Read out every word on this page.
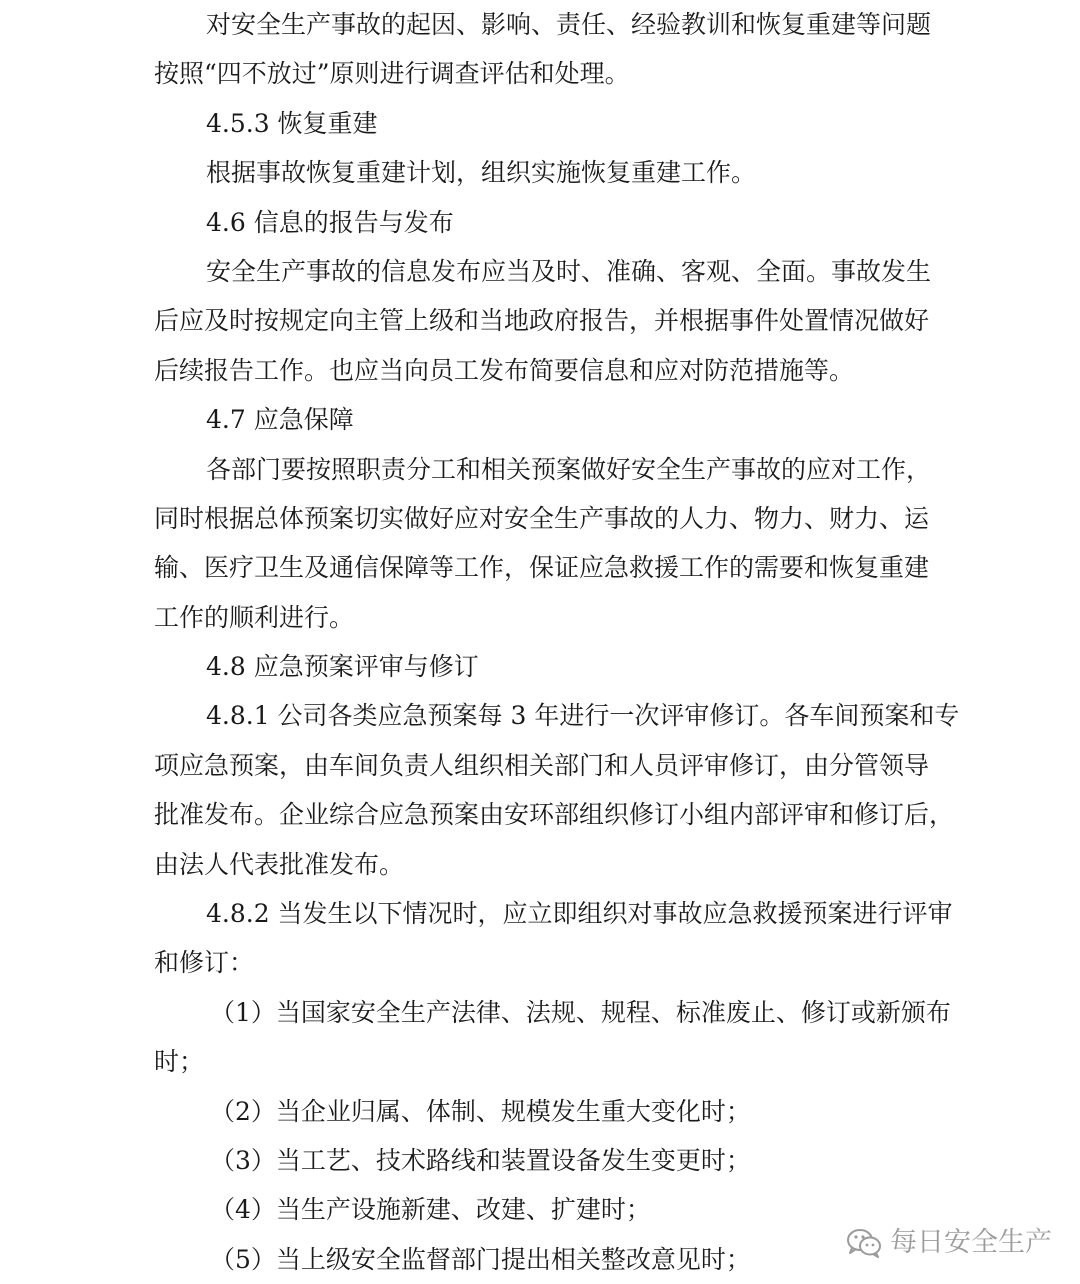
对安全生产事故的起因、影响、责任、经验教训和恢复重建等问题
按照“四不放过”原则进行调查评估和处理。
4.5.3 恢复重建
根据事故恢复重建计划，组织实施恢复重建工作。
4.6 信息的报告与发布
安全生产事故的信息发布应当及时、准确、客观、全面。事故发生
后应及时按规定向主管上级和当地政府报告，并根据事件处置情况做好
后续报告工作。也应当向员工发布简要信息和应对防范措施等。
4.7 应急保障
各部门要按照职责分工和相关预案做好安全生产事故的应对工作，
同时根据总体预案切实做好应对安全生产事故的人力、物力、财力、运
输、医疗卫生及通信保障等工作，保证应急救援工作的需要和恢复重建
工作的顺利进行。
4.8 应急预案评审与修订
4.8.1 公司各类应急预案每 3 年进行一次评审修订。各车间预案和专
项应急预案，由车间负责人组织相关部门和人员评审修订，由分管领导
批准发布。企业综合应急预案由安环部组织修订小组内部评审和修订后，
由法人代表批准发布。
4.8.2 当发生以下情况时，应立即组织对事故应急救援预案进行评审
和修订：
（1）当国家安全生产法律、法规、规程、标准废止、修订或新颁布
时；
（2）当企业归属、体制、规模发生重大变化时；
（3）当工艺、技术路线和装置设备发生变更时；
（4）当生产设施新建、改建、扩建时；
（5）当上级安全监督部门提出相关整改意见时；
每日安全生产
